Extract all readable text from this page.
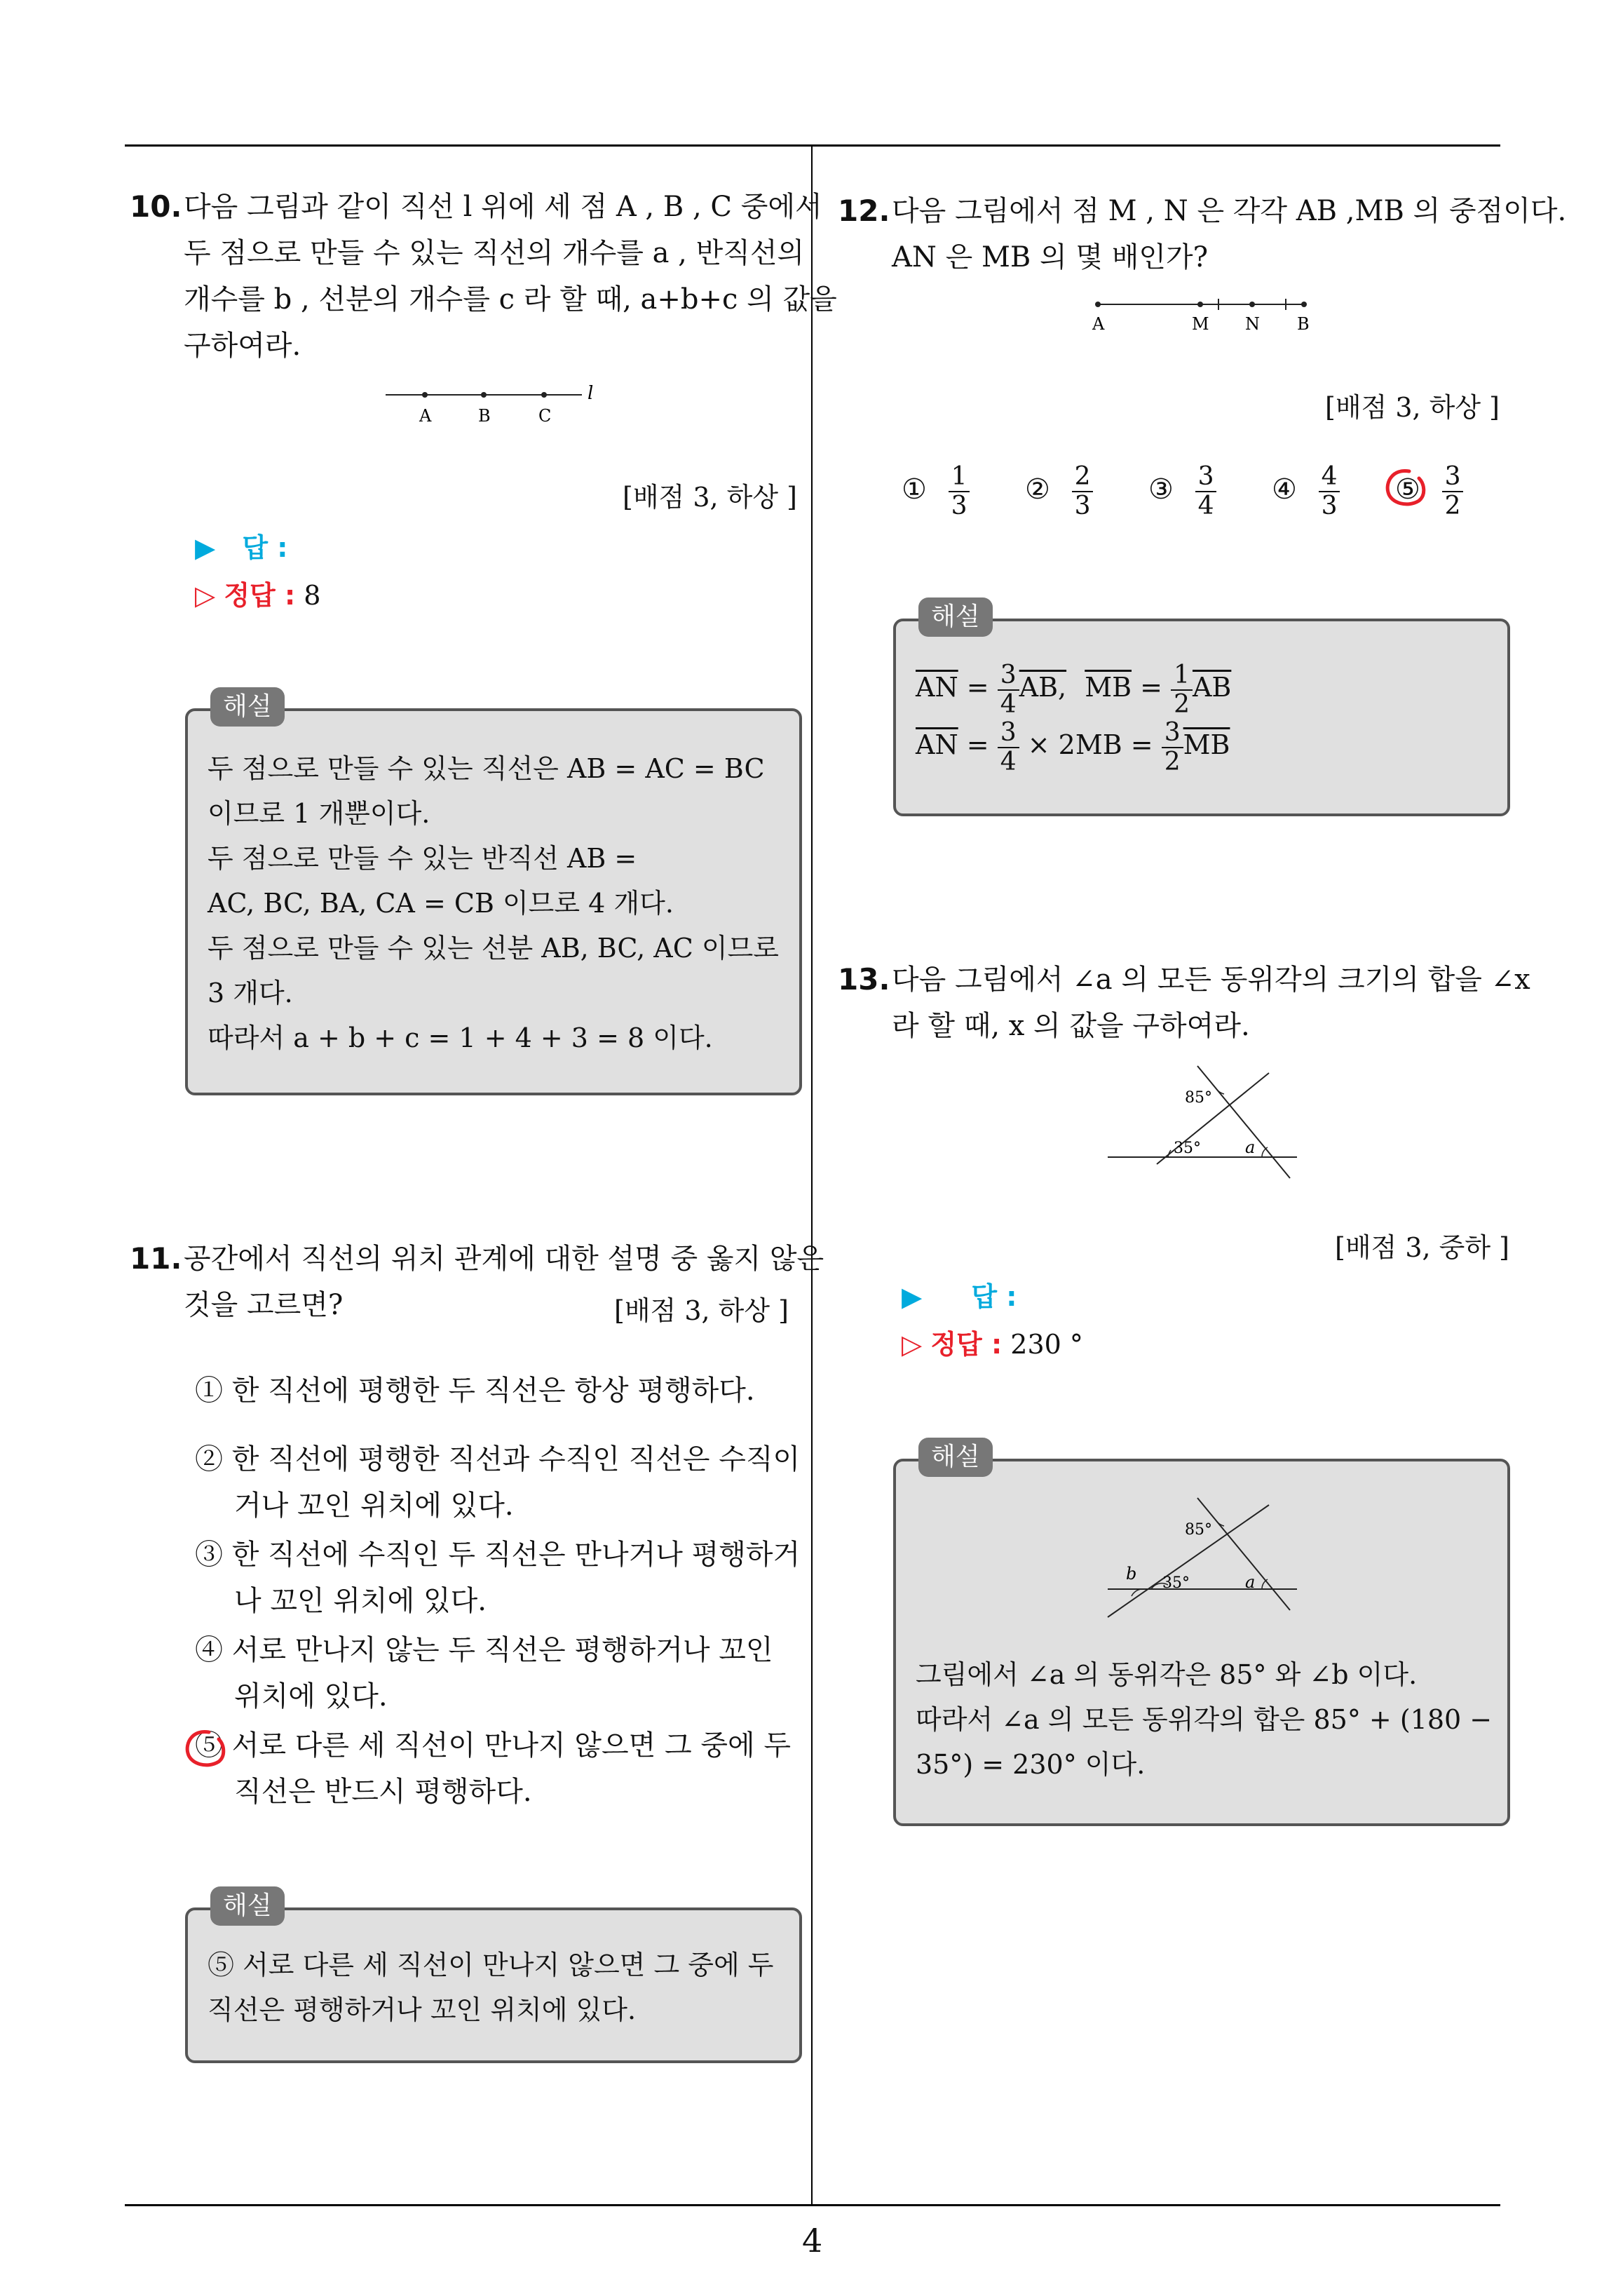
4
10. 다음 그림과 같이 직선 l 위에 세 점 A , B , C 중에서
두 점으로 만들 수 있는 직선의 개수를 a , 반직선의
개수를 b , 선분의 개수를 c 라 할 때, a+b+c 의 값을
구하여라.
A	B	C
l
[배점 3, 하상 ]
▶ 답 :
▷ 정답 : 8
해설
두 점으로 만들 수 있는 직선은 AB = AC = BC
이므로 1 개뿐이다.
두 점으로 만들 수 있는 반직선 AB =
AC, BC, BA, CA = CB 이므로 4 개다.
두 점으로 만들 수 있는 선분 AB, BC, AC 이므로
3 개다.
따라서 a + b + c = 1 + 4 + 3 = 8 이다.
11. 공간에서 직선의 위치 관계에 대한 설명 중 옳지 않은
것을 고르면?	[배점 3, 하상 ]
① 한 직선에 평행한 두 직선은 항상 평행하다.
② 한 직선에 평행한 직선과 수직인 직선은 수직이
거나 꼬인 위치에 있다.
③ 한 직선에 수직인 두 직선은 만나거나 평행하거
나 꼬인 위치에 있다.
④ 서로 만나지 않는 두 직선은 평행하거나 꼬인
위치에 있다.
⑤ 서로 다른 세 직선이 만나지 않으면 그 중에 두
직선은 반드시 평행하다.
해설
⑤ 서로 다른 세 직선이 만나지 않으면 그 중에 두
직선은 평행하거나 꼬인 위치에 있다.
12. 다음 그림에서 점 M , N 은 각각 AB ,MB 의 중점이다.
AN 은 MB 의 몇 배인가?
A	M N B
[배점 3, 하상 ]
① $\frac{1}{3}$ ② $\frac{2}{3}$ ③ $\frac{3}{4}$ ④ $\frac{4}{3}$ ⑤ $\frac{3}{2}$
해설
$\overline{AN} = \frac{3}{4}$ AB, $\overline{MB} = \frac{1}{2} \overline{AB}$
$\overline{AN} = \frac{3}{4} \times 2MB = \frac{3}{2} \overline{MB}$
13. 다음 그림에서 ∠a 의 모든 동위각의 크기의 합을 ∠x
라 할 때, x 의 값을 구하여라.
85°
35°	a
[배점 3, 중하 ]
▶ 답 :
▷ 정답 : 230 °
해설
85°
35°	a
b
그림에서 ∠a 의 동위각은 85° 와 ∠b 이다.
따라서 ∠a 의 모든 동위각의 합은 85° + (180 −
35°) = 230° 이다.
